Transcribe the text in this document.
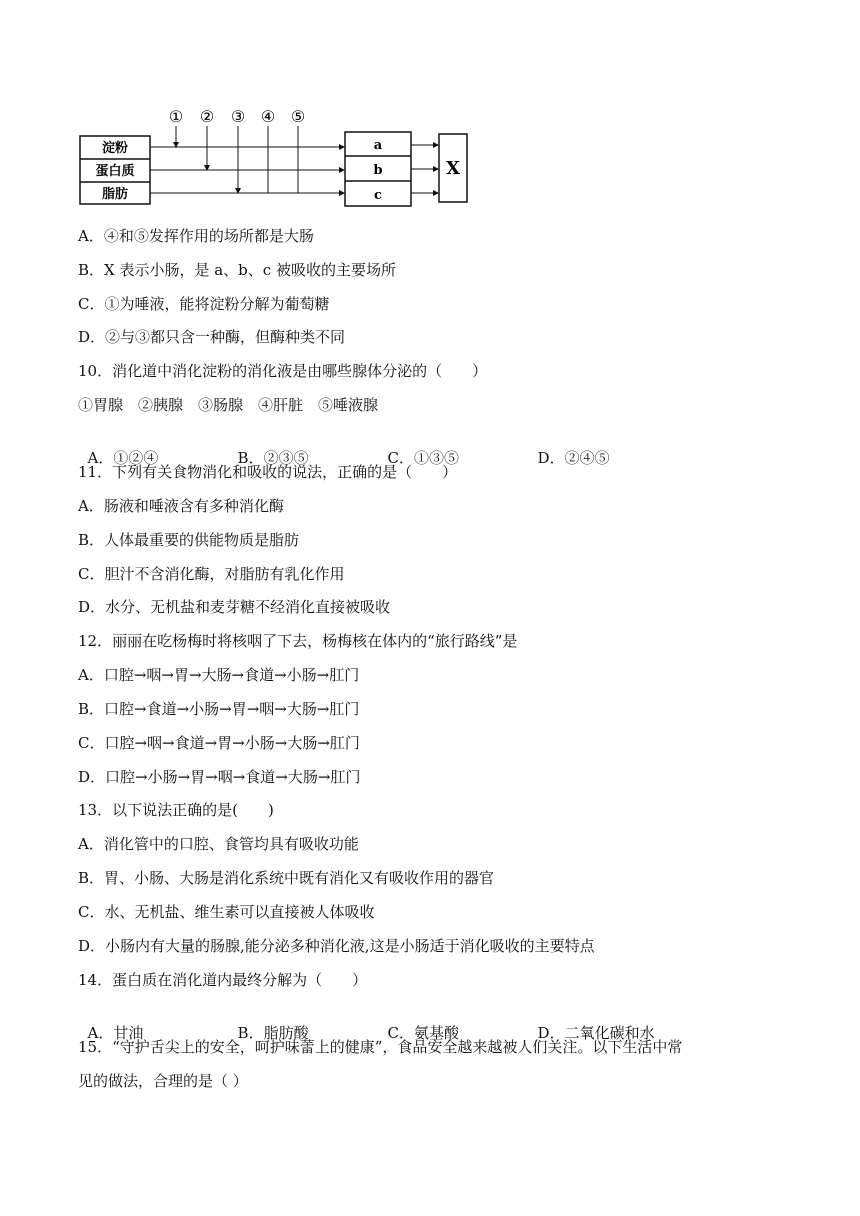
淀粉
蛋白质
脂肪
① ② ③ ④ ⑤
a
b
c
X
A．④和⑤发挥作用的场所都是大肠
B．X 表示小肠，是 a、b、c 被吸收的主要场所
C．①为唾液，能将淀粉分解为葡萄糖
D．②与③都只含一种酶，但酶种类不同
10．消化道中消化淀粉的消化液是由哪些腺体分泌的（　　）
①胃腺　②胰腺　③肠腺　④肝脏　⑤唾液腺

A．①②④	B．②③⑤	C．①③⑤	D．②④⑤

11．下列有关食物消化和吸收的说法，正确的是（　　）
A．肠液和唾液含有多种消化酶
B．人体最重要的供能物质是脂肪
C．胆汁不含消化酶，对脂肪有乳化作用
D．水分、无机盐和麦芽糖不经消化直接被吸收
12．丽丽在吃杨梅时将核咽了下去，杨梅核在体内的“旅行路线”是
A．口腔→咽→胃→大肠→食道→小肠→肛门
B．口腔→食道→小肠→胃→咽→大肠→肛门
C．口腔→咽→食道→胃→小肠→大肠→肛门
D．口腔→小肠→胃→咽→食道→大肠→肛门
13．以下说法正确的是(　　)
A．消化管中的口腔、食管均具有吸收功能
B．胃、小肠、大肠是消化系统中既有消化又有吸收作用的器官
C．水、无机盐、维生素可以直接被人体吸收
D．小肠内有大量的肠腺,能分泌多种消化液,这是小肠适于消化吸收的主要特点
14．蛋白质在消化道内最终分解为（　　）

A．甘油	B．脂肪酸	C．氨基酸	D．二氧化碳和水

15．“守护舌尖上的安全，呵护味蕾上的健康”，食品安全越来越被人们关注。以下生活中常
见的做法，合理的是（ ）
